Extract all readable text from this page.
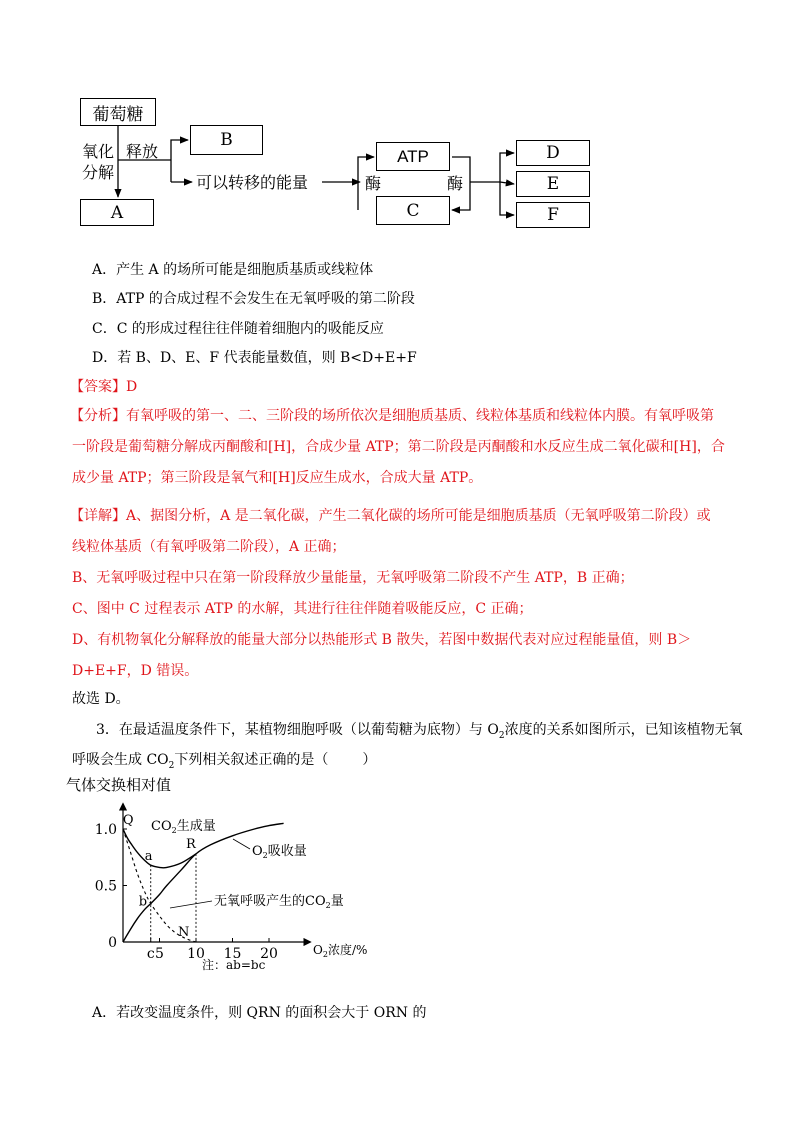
葡萄糖
A
B
ATP
C
D
E
F
氧化
分解
释放
可以转移的能量	酶	酶
A．产生 A 的场所可能是细胞质基质或线粒体
B．ATP 的合成过程不会发生在无氧呼吸的第二阶段
C．C 的形成过程往往伴随着细胞内的吸能反应
D．若 B、D、E、F 代表能量数值，则 B<D+E+F
【答案】D
【分析】有氧呼吸的第一、二、三阶段的场所依次是细胞质基质、线粒体基质和线粒体内膜。有氧呼吸第
一阶段是葡萄糖分解成丙酮酸和[H]，合成少量 ATP；第二阶段是丙酮酸和水反应生成二氧化碳和[H]，合
成少量 ATP；第三阶段是氧气和[H]反应生成水，合成大量 ATP。
【详解】A、据图分析，A 是二氧化碳，产生二氧化碳的场所可能是细胞质基质（无氧呼吸第二阶段）或
线粒体基质（有氧呼吸第二阶段），A 正确；
B、无氧呼吸过程中只在第一阶段释放少量能量，无氧呼吸第二阶段不产生 ATP，B 正确；
C、图中 C 过程表示 ATP 的水解，其进行往往伴随着吸能反应，C 正确；
D、有机物氧化分解释放的能量大部分以热能形式 B 散失，若图中数据代表对应过程能量值，则 B＞
D+E+F，D 错误。
故选 D。
3．在最适温度条件下，某植物细胞呼吸（以葡萄糖为底物）与 $O_2$浓度的关系如图所示，已知该植物无氧
呼吸会生成 $CO_2$下列相关叙述正确的是（ ）
0
0.5
1.0
c 5 10 15 20
Q
a
b
R
N
气体交换相对值
$O_2$浓度/%
注：ab=bc
$CO_2$生成量
$O_2$吸收量
无氧呼吸产生的$CO_2$量
A．若改变温度条件，则 QRN 的面积会大于 ORN 的
